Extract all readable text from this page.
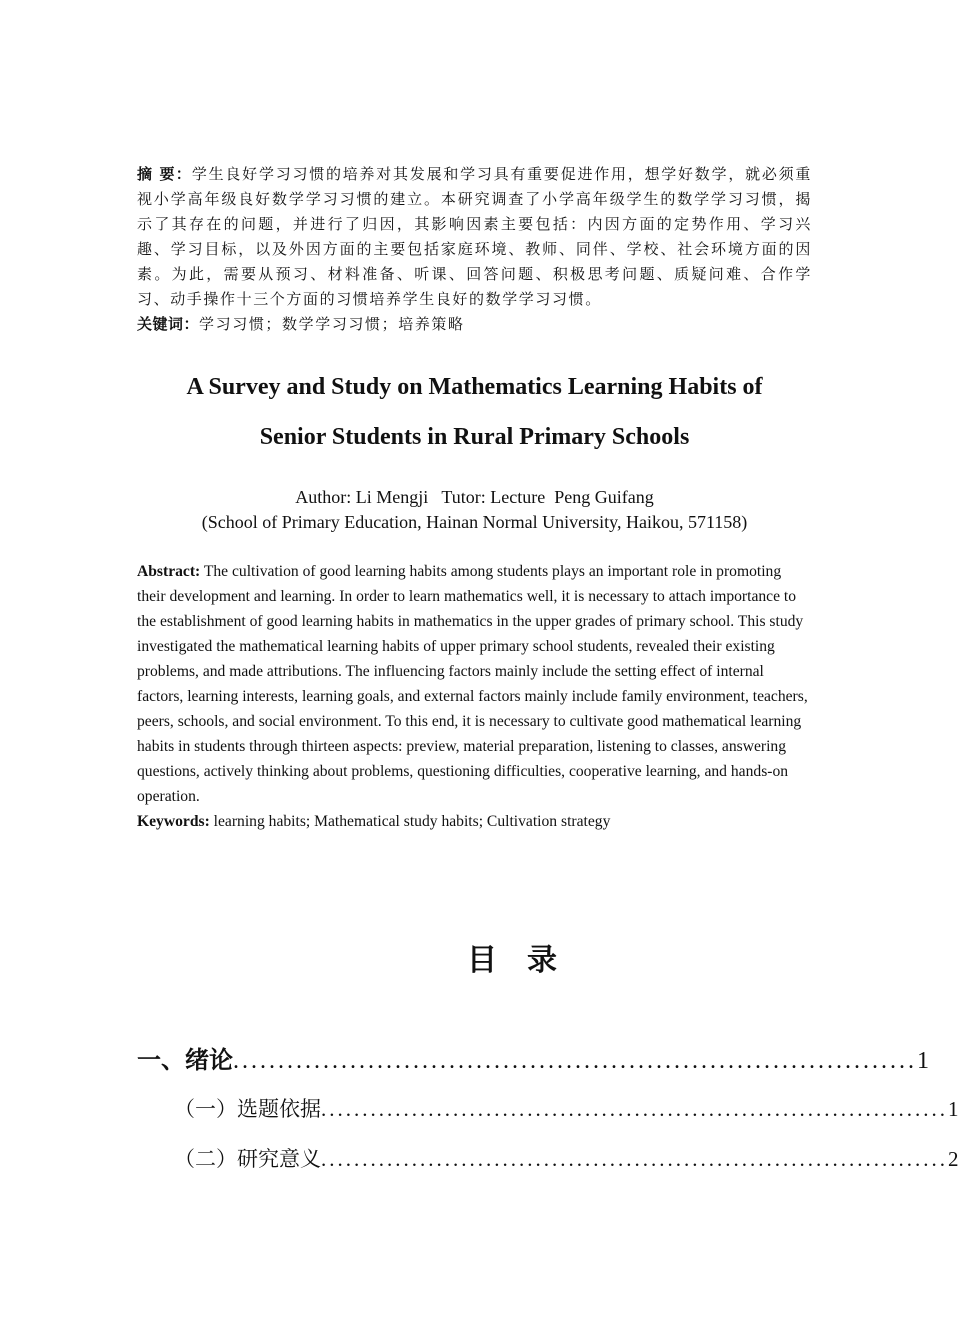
摘 要：学生良好学习习惯的培养对其发展和学习具有重要促进作用，想学好数学，就必须重视小学高年级良好数学学习习惯的建立。本研究调查了小学高年级学生的数学学习习惯，揭示了其存在的问题，并进行了归因，其影响因素主要包括：内因方面的定势作用、学习兴趣、学习目标，以及外因方面的主要包括家庭环境、教师、同伴、学校、社会环境方面的因素。为此，需要从预习、材料准备、听课、回答问题、积极思考问题、质疑问难、合作学习、动手操作十三个方面的习惯培养学生良好的数学学习习惯。
关键词：学习习惯；数学学习习惯；培养策略
A Survey and Study on Mathematics Learning Habits of
Senior Students in Rural Primary Schools
Author: Li Mengji   Tutor: Lecture  Peng Guifang
(School of Primary Education, Hainan Normal University, Haikou, 571158)
Abstract: The cultivation of good learning habits among students plays an important role in promoting their development and learning. In order to learn mathematics well, it is necessary to attach importance to the establishment of good learning habits in mathematics in the upper grades of primary school. This study investigated the mathematical learning habits of upper primary school students, revealed their existing problems, and made attributions. The influencing factors mainly include the setting effect of internal factors, learning interests, learning goals, and external factors mainly include family environment, teachers, peers, schools, and social environment. To this end, it is necessary to cultivate good mathematical learning habits in students through thirteen aspects: preview, material preparation, listening to classes, answering questions, actively thinking about problems, questioning difficulties, cooperative learning, and hands-on operation.
Keywords: learning habits; Mathematical study habits; Cultivation strategy
目录
一、绪论 ............................................................................ 1
（一）选题依据 ............................................................................ 1
（二）研究意义 ............................................................................ 2
